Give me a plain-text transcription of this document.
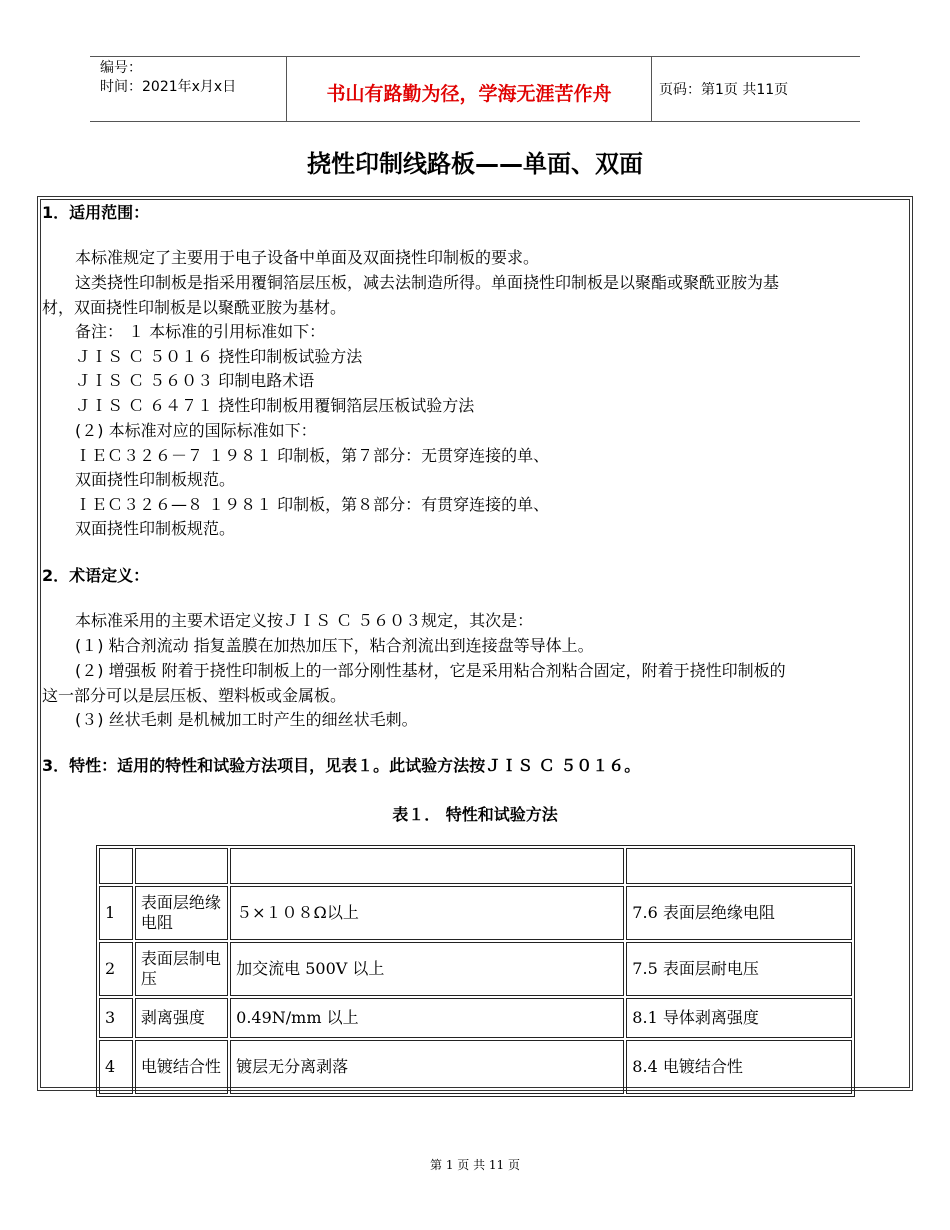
编号：
时间：2021年x月x日	书山有路勤为径，学海无涯苦作舟	页码：第1页 共11页
挠性印制线路板——单面、双面
1．适用范围：
本标准规定了主要用于电子设备中单面及双面挠性印制板的要求。
这类挠性印制板是指采用覆铜箔层压板，减去法制造所得。单面挠性印制板是以聚酯或聚酰亚胺为基
材，双面挠性印制板是以聚酰亚胺为基材。
备注： １ 本标准的引用标准如下：
ＪＩＳ Ｃ ５０１６ 挠性印制板试验方法
ＪＩＳ Ｃ ５６０３ 印制电路术语
ＪＩＳ Ｃ ６４７１ 挠性印制板用覆铜箔层压板试验方法
(２) 本标准对应的国际标准如下：
ＩＥＣ３２６－７ １９８１ 印制板，第７部分：无贯穿连接的单、
双面挠性印制板规范。
ＩＥＣ３２６—８ １９８１ 印制板，第８部分：有贯穿连接的单、
双面挠性印制板规范。
2．术语定义：
本标准采用的主要术语定义按ＪＩＳ Ｃ ５６０３规定，其次是：
(１) 粘合剂流动 指复盖膜在加热加压下，粘合剂流出到连接盘等导体上。
(２) 增强板 附着于挠性印制板上的一部分刚性基材，它是采用粘合剂粘合固定，附着于挠性印制板的
这一部分可以是层压板、塑料板或金属板。
(３) 丝状毛刺 是机械加工时产生的细丝状毛刺。
3．特性：适用的特性和试验方法项目，见表１。此试验方法按ＪＩＳ Ｃ ５０１６。
表１． 特性和试验方法

1	表面层绝缘电阻	５×１０８Ω以上	7.6 表面层绝缘电阻
2	表面层制电压	加交流电 500V 以上	7.5 表面层耐电压
3	剥离强度	0.49N/mm 以上	8.1 导体剥离强度
4	电镀结合性	镀层无分离剥落	8.4 电镀结合性
第 1 页 共 11 页
